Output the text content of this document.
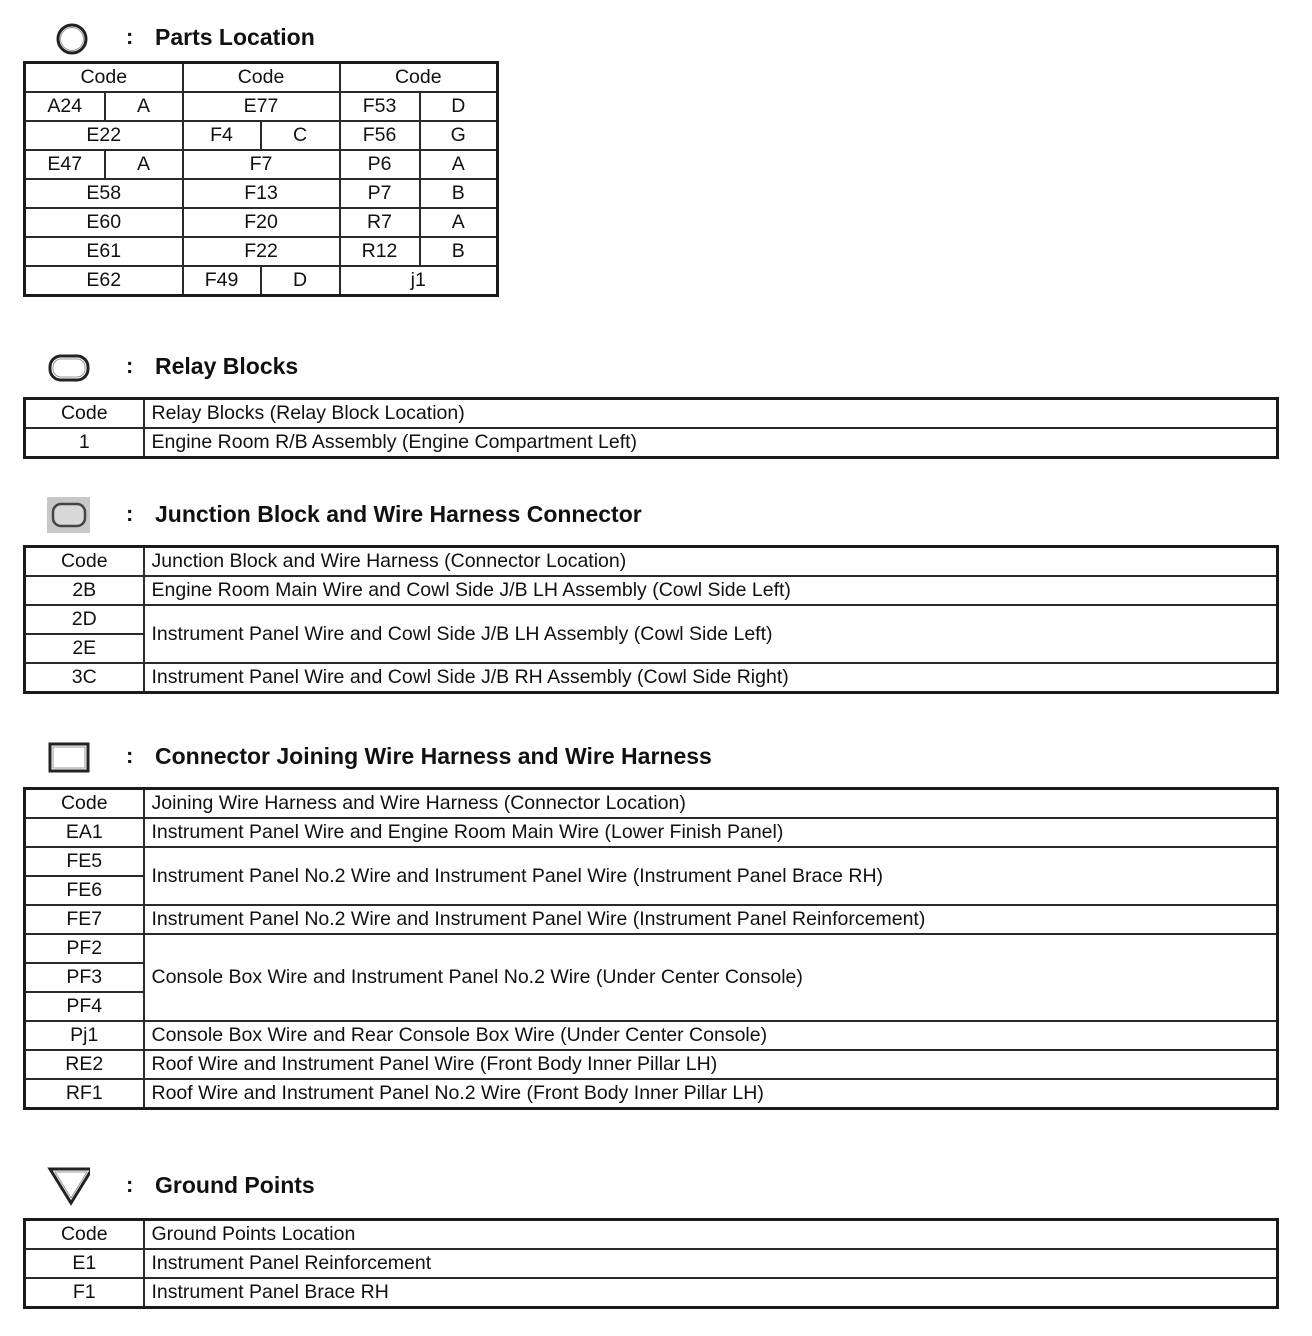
: Parts Location
Code		Code		Code	
A24	A	E77		F53	D
E22		F4	C	F56	G
E47	A	F7		P6	A
E58		F13		P7	B
E60		F20		R7	A
E61		F22		R12	B
E62		F49	D	j1	
: Relay Blocks
Code	Relay Blocks (Relay Block Location)
1	Engine Room R/B Assembly (Engine Compartment Left)
: Junction Block and Wire Harness Connector
Code	Junction Block and Wire Harness (Connector Location)
2B	Engine Room Main Wire and Cowl Side J/B LH Assembly (Cowl Side Left)
2D	Instrument Panel Wire and Cowl Side J/B LH Assembly (Cowl Side Left)
2E	
3C	Instrument Panel Wire and Cowl Side J/B RH Assembly (Cowl Side Right)
: Connector Joining Wire Harness and Wire Harness
Code	Joining Wire Harness and Wire Harness (Connector Location)
EA1	Instrument Panel Wire and Engine Room Main Wire (Lower Finish Panel)
FE5	Instrument Panel No.2 Wire and Instrument Panel Wire (Instrument Panel Brace RH)
FE6	
FE7	Instrument Panel No.2 Wire and Instrument Panel Wire (Instrument Panel Reinforcement)
PF2	Console Box Wire and Instrument Panel No.2 Wire (Under Center Console)
PF3	
PF4	
Pj1	Console Box Wire and Rear Console Box Wire (Under Center Console)
RE2	Roof Wire and Instrument Panel Wire (Front Body Inner Pillar LH)
RF1	Roof Wire and Instrument Panel No.2 Wire (Front Body Inner Pillar LH)
: Ground Points
Code	Ground Points Location
E1	Instrument Panel Reinforcement
F1	Instrument Panel Brace RH
